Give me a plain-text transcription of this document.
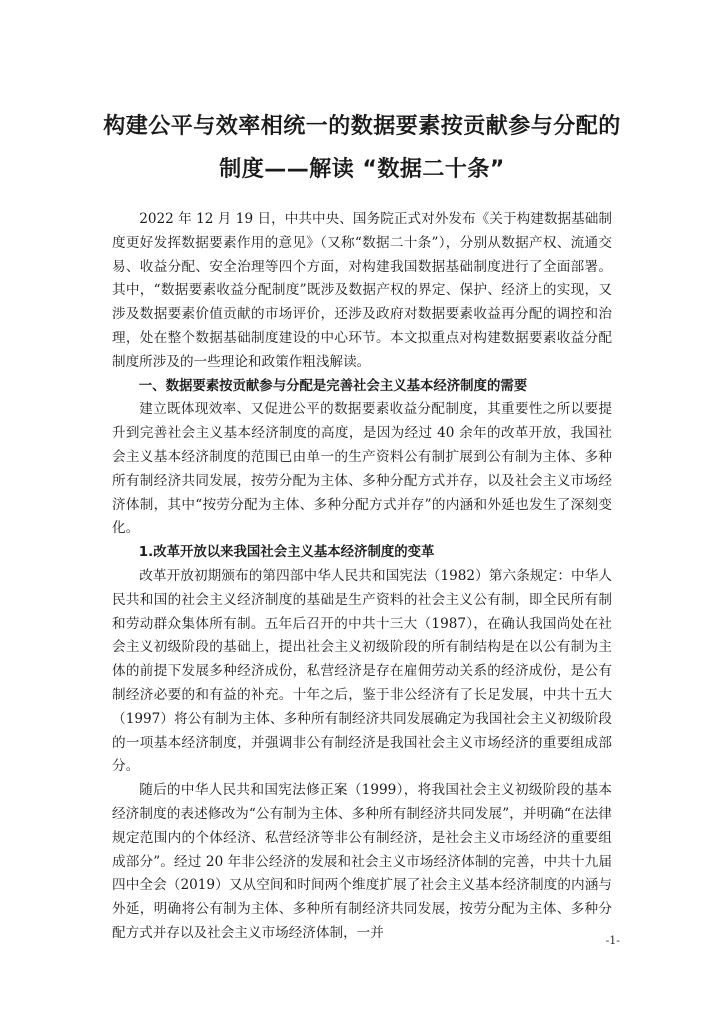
构建公平与效率相统一的数据要素按贡献参与分配的
制度——解读 “数据二十条”

2022 年 12 月 19 日，中共中央、国务院正式对外发布《关于构建数据基础制度更好发挥数据要素作用的意见》（又称“数据二十条”），分别从数据产权、流通交易、收益分配、安全治理等四个方面，对构建我国数据基础制度进行了全面部署。其中，“数据要素收益分配制度”既涉及数据产权的界定、保护、经济上的实现，又涉及数据要素价值贡献的市场评价，还涉及政府对数据要素收益再分配的调控和治理，处在整个数据基础制度建设的中心环节。本文拟重点对构建数据要素收益分配制度所涉及的一些理论和政策作粗浅解读。

一、数据要素按贡献参与分配是完善社会主义基本经济制度的需要

建立既体现效率、又促进公平的数据要素收益分配制度，其重要性之所以要提升到完善社会主义基本经济制度的高度，是因为经过 40 余年的改革开放，我国社会主义基本经济制度的范围已由单一的生产资料公有制扩展到公有制为主体、多种所有制经济共同发展，按劳分配为主体、多种分配方式并存，以及社会主义市场经济体制，其中“按劳分配为主体、多种分配方式并存”的内涵和外延也发生了深刻变化。

1.改革开放以来我国社会主义基本经济制度的变革

改革开放初期颁布的第四部中华人民共和国宪法（1982）第六条规定：中华人民共和国的社会主义经济制度的基础是生产资料的社会主义公有制，即全民所有制和劳动群众集体所有制。五年后召开的中共十三大（1987），在确认我国尚处在社会主义初级阶段的基础上，提出社会主义初级阶段的所有制结构是在以公有制为主体的前提下发展多种经济成份，私营经济是存在雇佣劳动关系的经济成份，是公有制经济必要的和有益的补充。十年之后，鉴于非公经济有了长足发展，中共十五大（1997）将公有制为主体、多种所有制经济共同发展确定为我国社会主义初级阶段的一项基本经济制度，并强调非公有制经济是我国社会主义市场经济的重要组成部分。

随后的中华人民共和国宪法修正案（1999），将我国社会主义初级阶段的基本经济制度的表述修改为“公有制为主体、多种所有制经济共同发展”，并明确“在法律规定范围内的个体经济、私营经济等非公有制经济，是社会主义市场经济的重要组成部分”。经过 20 年非公经济的发展和社会主义市场经济体制的完善，中共十九届四中全会（2019）又从空间和时间两个维度扩展了社会主义基本经济制度的内涵与外延，明确将公有制为主体、多种所有制经济共同发展，按劳分配为主体、多种分配方式并存以及社会主义市场经济体制，一并	-1-
